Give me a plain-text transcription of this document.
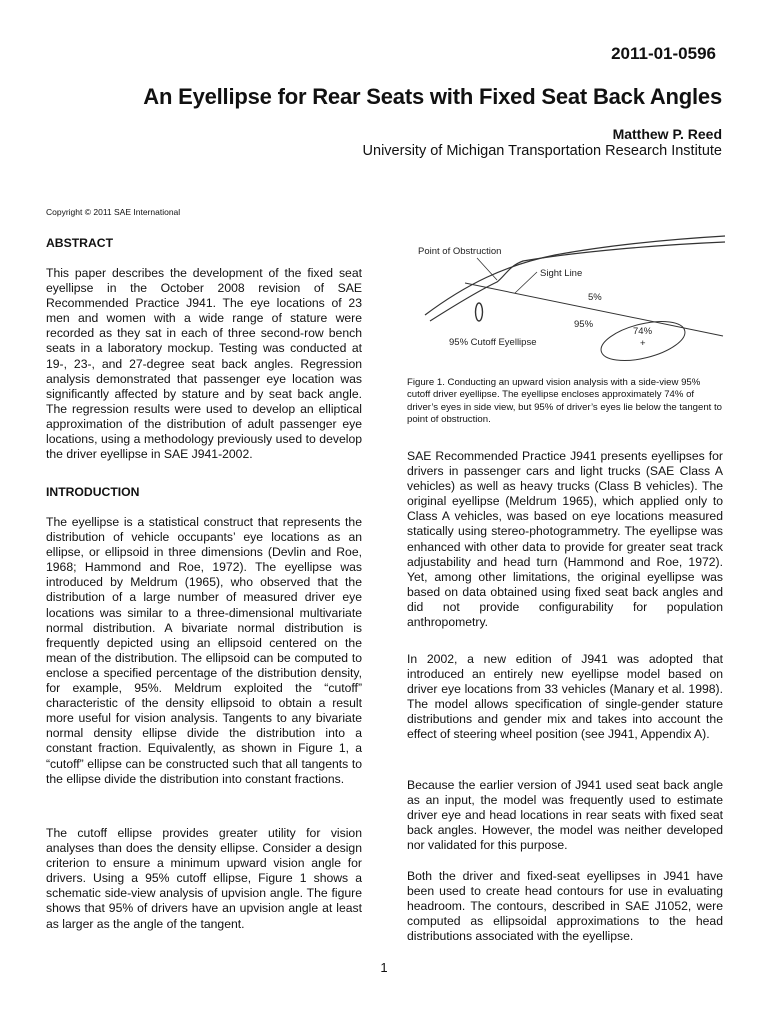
2011-01-0596
An Eyellipse for Rear Seats with Fixed Seat Back Angles
Matthew P. Reed
University of Michigan Transportation Research Institute
Copyright © 2011 SAE International
ABSTRACT
This paper describes the development of the fixed seat eyellipse in the October 2008 revision of SAE Recommended Practice J941. The eye locations of 23 men and women with a wide range of stature were recorded as they sat in each of three second-row bench seats in a laboratory mockup. Testing was conducted at 19-, 23-, and 27-degree seat back angles. Regression analysis demonstrated that passenger eye location was significantly affected by stature and by seat back angle. The regression results were used to develop an elliptical approximation of the distribution of adult passenger eye locations, using a methodology previously used to develop the driver eyellipse in SAE J941-2002.
INTRODUCTION
The eyellipse is a statistical construct that represents the distribution of vehicle occupants’ eye locations as an ellipse, or ellipsoid in three dimensions (Devlin and Roe, 1968; Hammond and Roe, 1972). The eyellipse was introduced by Meldrum (1965), who observed that the distribution of a large number of measured driver eye locations was similar to a three-dimensional multivariate normal distribution. A bivariate normal distribution is frequently depicted using an ellipsoid centered on the mean of the distribution. The ellipsoid can be computed to enclose a specified percentage of the distribution density, for example, 95%. Meldrum exploited the “cutoff” characteristic of the density ellipsoid to obtain a result more useful for vision analysis. Tangents to any bivariate normal density ellipse divide the distribution into a constant fraction. Equivalently, as shown in Figure 1, a “cutoff” ellipse can be constructed such that all tangents to the ellipse divide the distribution into constant fractions.
The cutoff ellipse provides greater utility for vision analyses than does the density ellipse. Consider a design criterion to ensure a minimum upward vision angle for drivers. Using a 95% cutoff ellipse, Figure 1 shows a schematic side-view analysis of upvision angle. The figure shows that 95% of drivers have an upvision angle at least as larger as the angle of the tangent.
Point of Obstruction
Sight Line
5%
95%
74%
+
95% Cutoff Eyellipse
Figure 1. Conducting an upward vision analysis with a side-view 95% cutoff driver eyellipse. The eyellipse encloses approximately 74% of driver’s eyes in side view, but 95% of driver’s eyes lie below the tangent to point of obstruction.
SAE Recommended Practice J941 presents eyellipses for drivers in passenger cars and light trucks (SAE Class A vehicles) as well as heavy trucks (Class B vehicles). The original eyellipse (Meldrum 1965), which applied only to Class A vehicles, was based on eye locations measured statically using stereo-photogrammetry. The eyellipse was enhanced with other data to provide for greater seat track adjustability and head turn (Hammond and Roe, 1972). Yet, among other limitations, the original eyellipse was based on data obtained using fixed seat back angles and did not provide configurability for population anthropometry.
In 2002, a new edition of J941 was adopted that introduced an entirely new eyellipse model based on driver eye locations from 33 vehicles (Manary et al. 1998). The model allows specification of single-gender stature distributions and gender mix and takes into account the effect of steering wheel position (see J941, Appendix A).
Because the earlier version of J941 used seat back angle as an input, the model was frequently used to estimate driver eye and head locations in rear seats with fixed seat back angles. However, the model was neither developed nor validated for this purpose.
Both the driver and fixed-seat eyellipses in J941 have been used to create head contours for use in evaluating headroom. The contours, described in SAE J1052, were computed as ellipsoidal approximations to the head distributions associated with the eyellipse.
1
